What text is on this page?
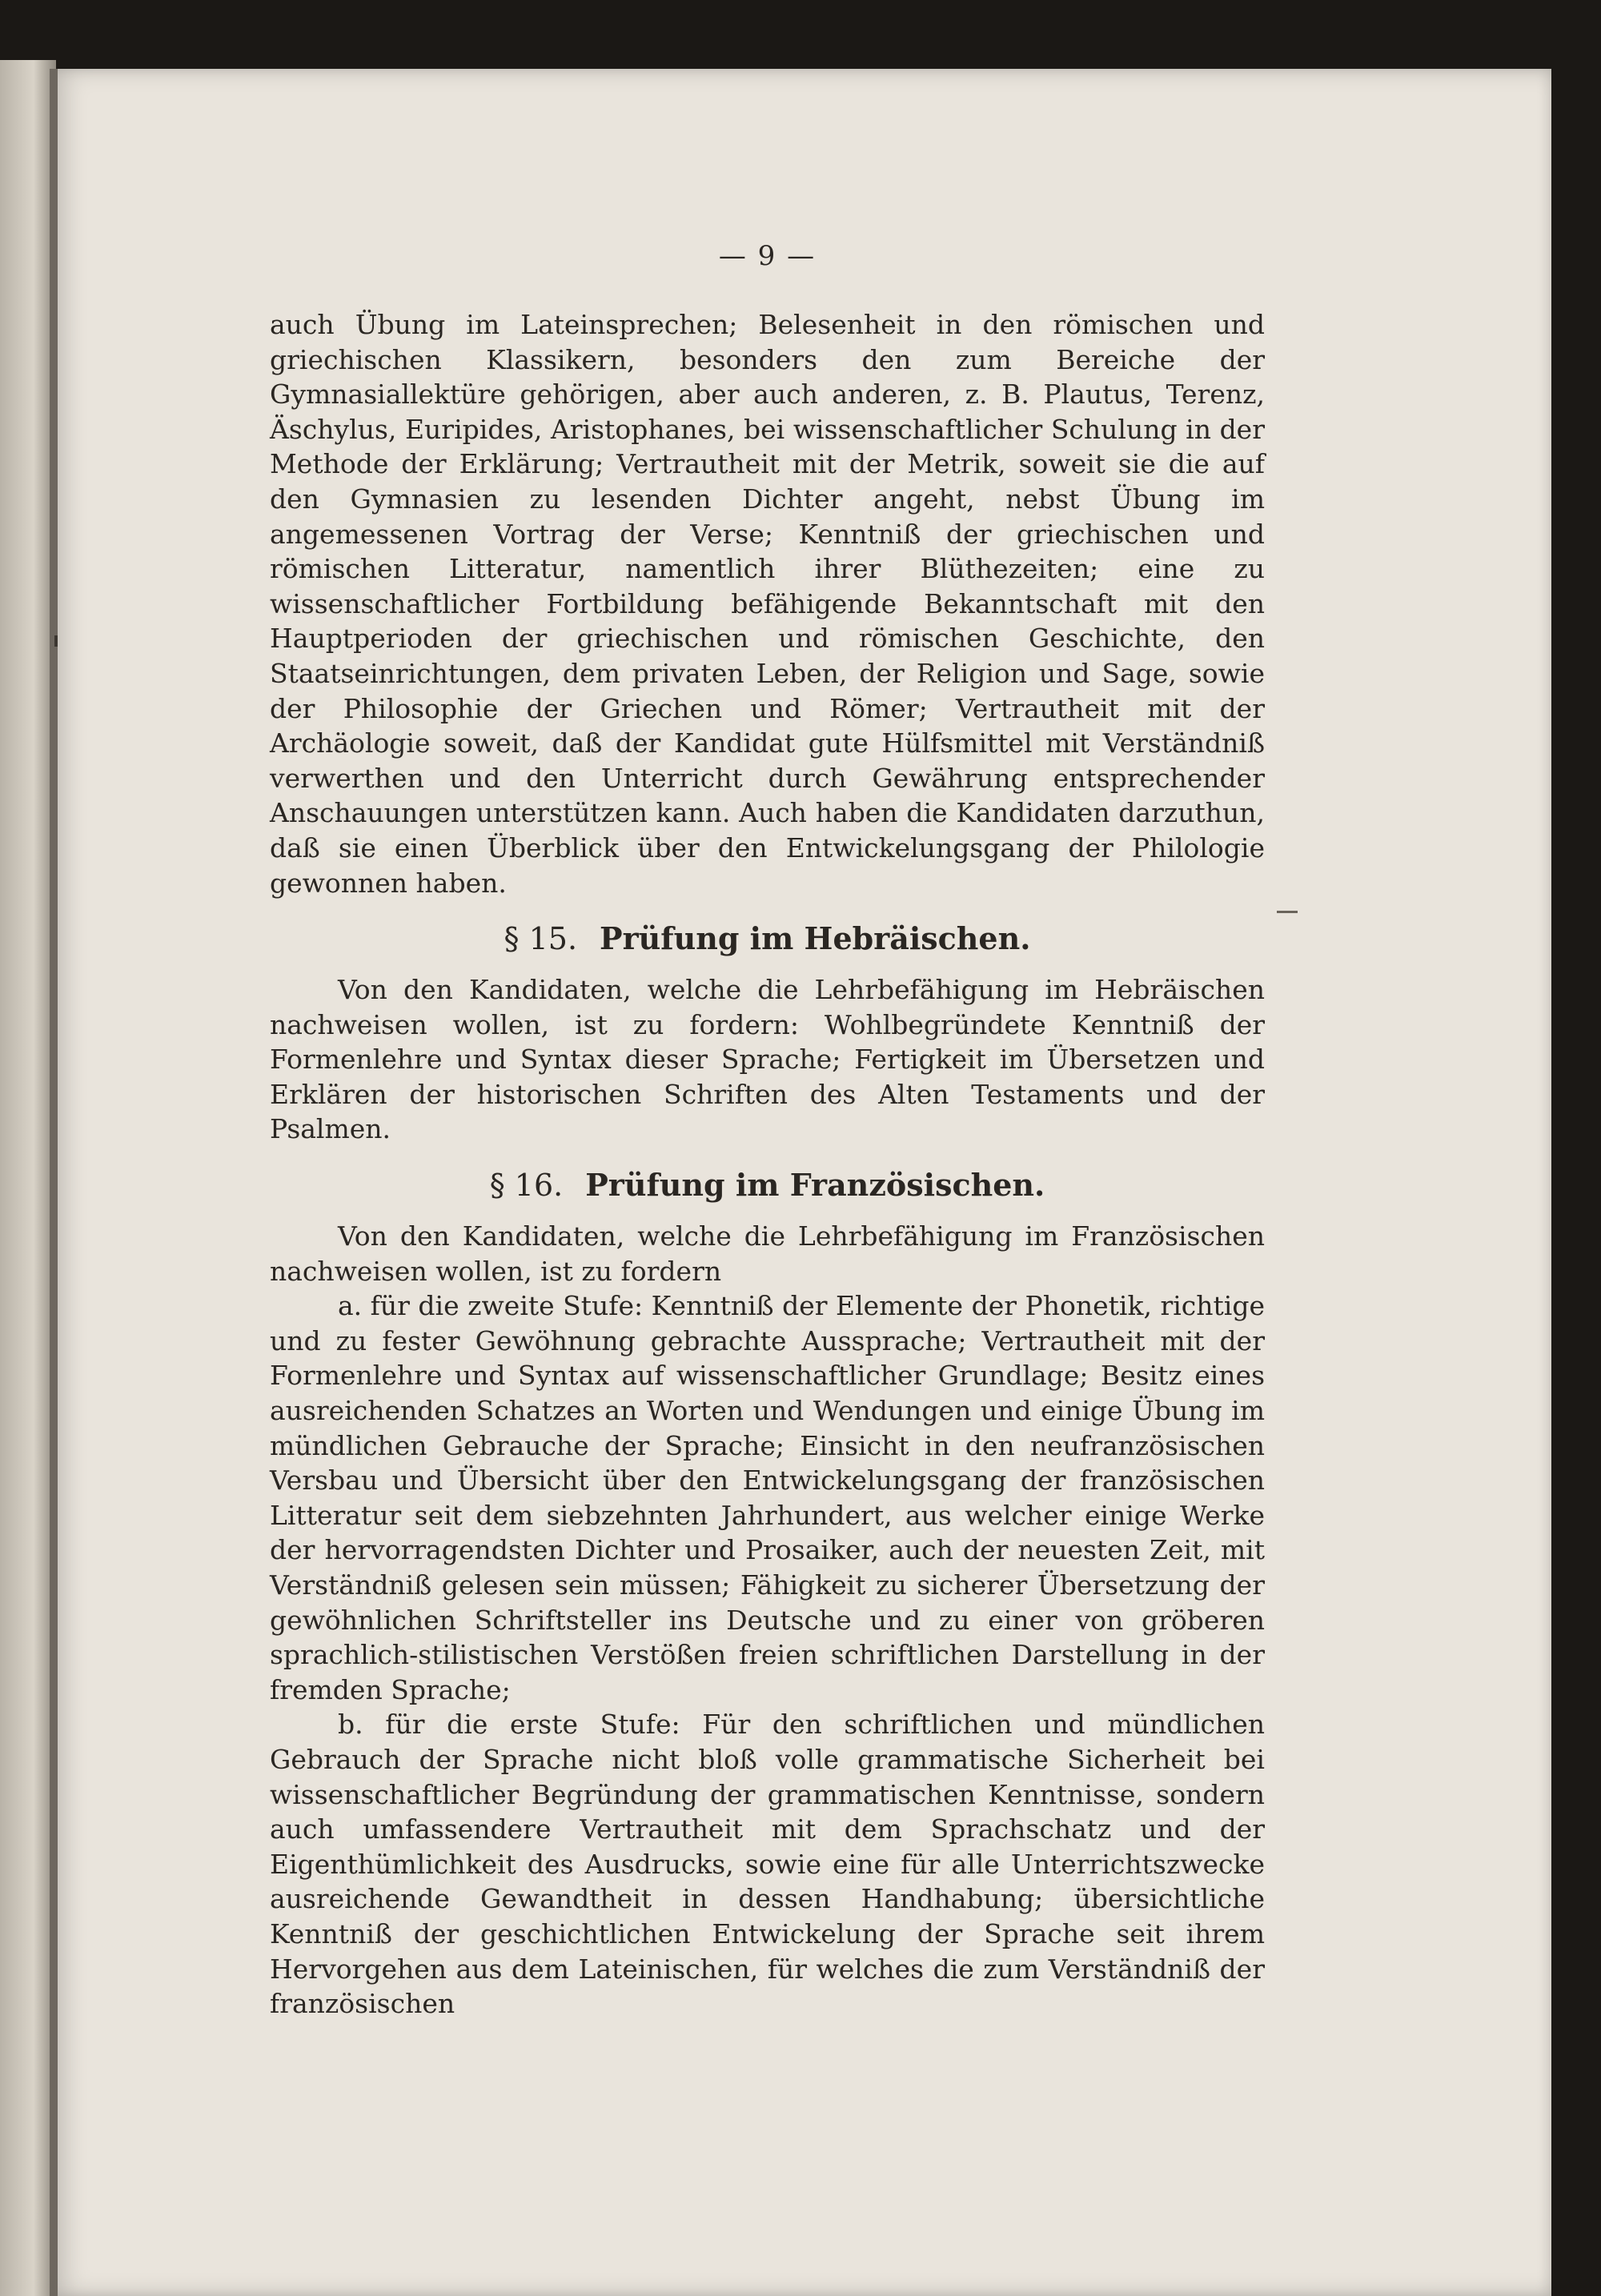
— 9 —

auch Übung im Lateinsprechen; Belesenheit in den römischen und griechischen Klassikern, besonders den zum Bereiche der Gymnasiallektüre gehörigen, aber auch anderen, z. B. Plautus, Terenz, Äschylus, Euripides, Aristophanes, bei wissenschaftlicher Schulung in der Methode der Erklärung; Vertrautheit mit der Metrik, soweit sie die auf den Gymnasien zu lesenden Dichter angeht, nebst Übung im angemessenen Vortrag der Verse; Kenntniß der griechischen und römischen Litteratur, namentlich ihrer Blüthezeiten; eine zu wissenschaftlicher Fortbildung befähigende Bekanntschaft mit den Hauptperioden der griechischen und römischen Geschichte, den Staatseinrichtungen, dem privaten Leben, der Religion und Sage, sowie der Philosophie der Griechen und Römer; Vertrautheit mit der Archäologie soweit, daß der Kandidat gute Hülfsmittel mit Verständniß verwerthen und den Unterricht durch Gewährung entsprechender Anschauungen unterstützen kann. Auch haben die Kandidaten darzuthun, daß sie einen Überblick über den Entwickelungsgang der Philologie gewonnen haben.

§ 15. Prüfung im Hebräischen.

Von den Kandidaten, welche die Lehrbefähigung im Hebräischen nachweisen wollen, ist zu fordern: Wohlbegründete Kenntniß der Formenlehre und Syntax dieser Sprache; Fertigkeit im Übersetzen und Erklären der historischen Schriften des Alten Testaments und der Psalmen.

§ 16. Prüfung im Französischen.

Von den Kandidaten, welche die Lehrbefähigung im Französischen nachweisen wollen, ist zu fordern

a. für die zweite Stufe: Kenntniß der Elemente der Phonetik, richtige und zu fester Gewöhnung gebrachte Aussprache; Vertrautheit mit der Formenlehre und Syntax auf wissenschaftlicher Grundlage; Besitz eines ausreichenden Schatzes an Worten und Wendungen und einige Übung im mündlichen Gebrauche der Sprache; Einsicht in den neufranzösischen Versbau und Übersicht über den Entwickelungsgang der französischen Litteratur seit dem siebzehnten Jahrhundert, aus welcher einige Werke der hervorragendsten Dichter und Prosaiker, auch der neuesten Zeit, mit Verständniß gelesen sein müssen; Fähigkeit zu sicherer Übersetzung der gewöhnlichen Schriftsteller ins Deutsche und zu einer von gröberen sprachlich-stilistischen Verstößen freien schriftlichen Darstellung in der fremden Sprache;

b. für die erste Stufe: Für den schriftlichen und mündlichen Gebrauch der Sprache nicht bloß volle grammatische Sicherheit bei wissenschaftlicher Begründung der grammatischen Kenntnisse, sondern auch umfassendere Vertrautheit mit dem Sprachschatz und der Eigenthümlichkeit des Ausdrucks, sowie eine für alle Unterrichtszwecke ausreichende Gewandtheit in dessen Handhabung; übersichtliche Kenntniß der geschichtlichen Entwickelung der Sprache seit ihrem Hervorgehen aus dem Lateinischen, für welches die zum Verständniß der französischen
